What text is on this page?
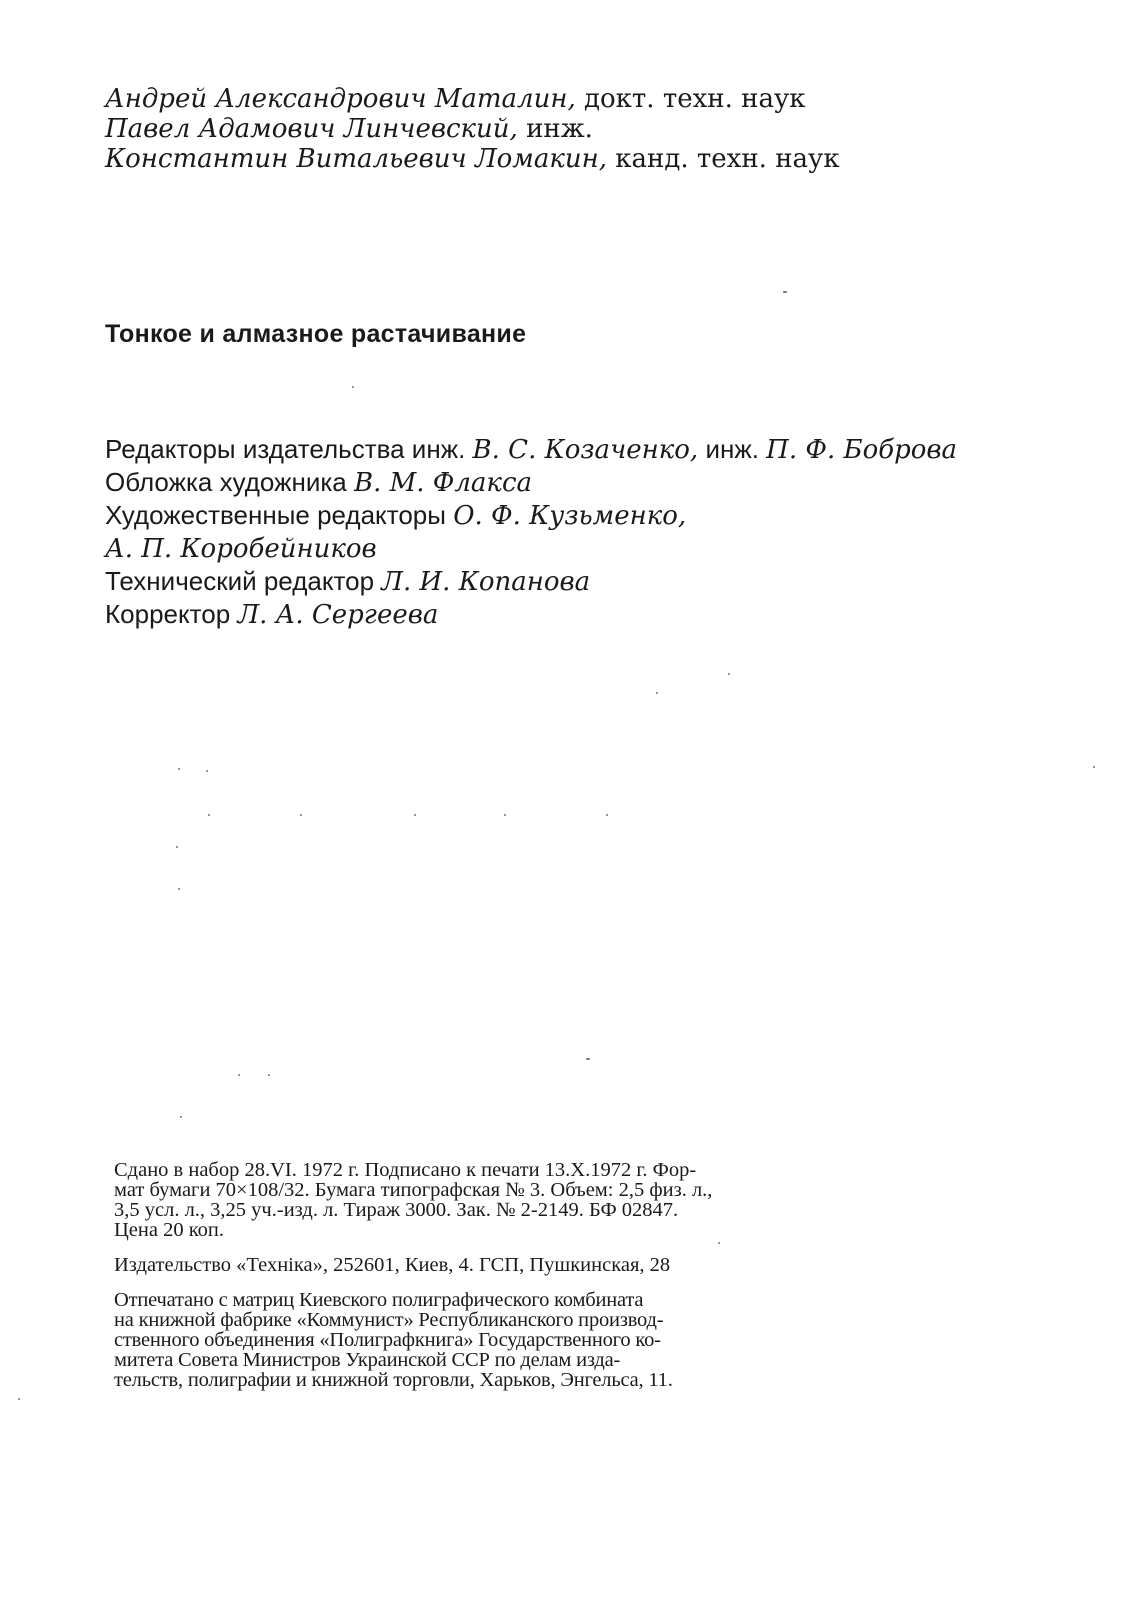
Андрей Александрович Маталин, докт. техн. наук
Павел Адамович Линчевский, инж.
Константин Витальевич Ломакин, канд. техн. наук
Тонкое и алмазное растачивание
Редакторы издательства инж. В. С. Козаченко, инж. П. Ф. Боброва
Обложка художника В. М. Флакса
Художественные редакторы О. Ф. Кузьменко,
А. П. Коробейников
Технический редактор Л. И. Копанова
Корректор Л. А. Сергеева

Сдано в набор 28.VI. 1972 г. Подписано к печати 13.X.1972 г. Фор-
мат бумаги 70×108/32. Бумага типографская № 3. Объем: 2,5 физ. л.,
3,5 усл. л., 3,25 уч.-изд. л. Тираж 3000. Зак. № 2-2149. БФ 02847.
Цена 20 коп.

Издательство «Техніка», 252601, Киев, 4. ГСП, Пушкинская, 28

Отпечатано с матриц Киевского полиграфического комбината
на книжной фабрике «Коммунист» Республиканского производ-
ственного объединения «Полиграфкнига» Государственного ко-
митета Совета Министров Украинской ССР по делам изда-
тельств, полиграфии и книжной торговли, Харьков, Энгельса, 11.
